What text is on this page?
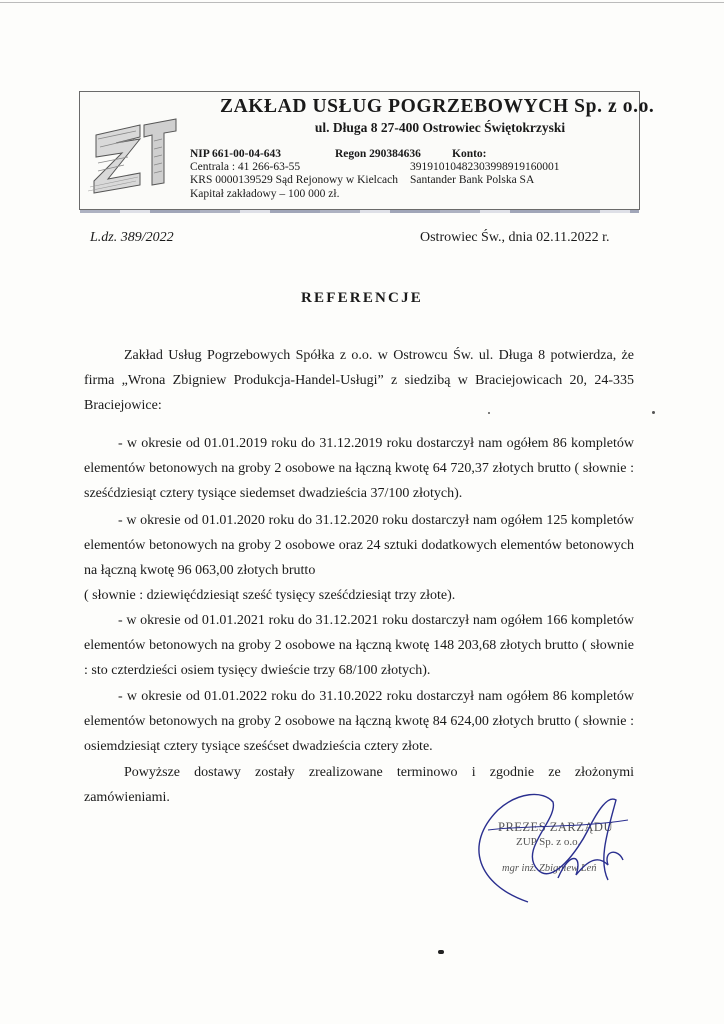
ZAKŁAD USŁUG POGRZEBOWYCH Sp. z o.o.
ul. Długa 8 27-400 Ostrowiec Świętokrzyski
NIP 661-00-04-643	Regon 290384636	Konto:
Centrala : 41 266-63-55	39191010482303998919160001
KRS 0000139529 Sąd Rejonowy w Kielcach Santander Bank Polska SA
Kapitał zakładowy – 100 000 zł.
L.dz. 389/2022	Ostrowiec Św., dnia 02.11.2022 r.
REFERENCJE
Zakład Usług Pogrzebowych Spółka z o.o. w Ostrowcu Św. ul. Długa 8 potwierdza, że firma „Wrona Zbigniew Produkcja-Handel-Usługi” z siedzibą w Braciejowicach 20, 24-335 Braciejowice:
- w okresie od 01.01.2019 roku do 31.12.2019 roku dostarczył nam ogółem 86 kompletów elementów betonowych na groby 2 osobowe na łączną kwotę 64 720,37 złotych brutto ( słownie : sześćdziesiąt cztery tysiące siedemset dwadzieścia 37/100 złotych).
- w okresie od 01.01.2020 roku do 31.12.2020 roku dostarczył nam ogółem 125 kompletów elementów betonowych na groby 2 osobowe oraz 24 sztuki dodatkowych elementów betonowych na łączną kwotę 96 063,00 złotych brutto
( słownie : dziewięćdziesiąt sześć tysięcy sześćdziesiąt trzy złote).
- w okresie od 01.01.2021 roku do 31.12.2021 roku dostarczył nam ogółem 166 kompletów elementów betonowych na groby 2 osobowe na łączną kwotę 148 203,68 złotych brutto ( słownie : sto czterdzieści osiem tysięcy dwieście trzy 68/100 złotych).
- w okresie od 01.01.2022 roku do 31.10.2022 roku dostarczył nam ogółem 86 kompletów elementów betonowych na groby 2 osobowe na łączną kwotę 84 624,00 złotych brutto ( słownie : osiemdziesiąt cztery tysiące sześćset dwadzieścia cztery złote.
Powyższe dostawy zostały zrealizowane terminowo i zgodnie ze złożonymi zamówieniami.
PREZES ZARZĄDU
ZUP Sp. z o.o.
mgr inż. Zbigniew Leń
